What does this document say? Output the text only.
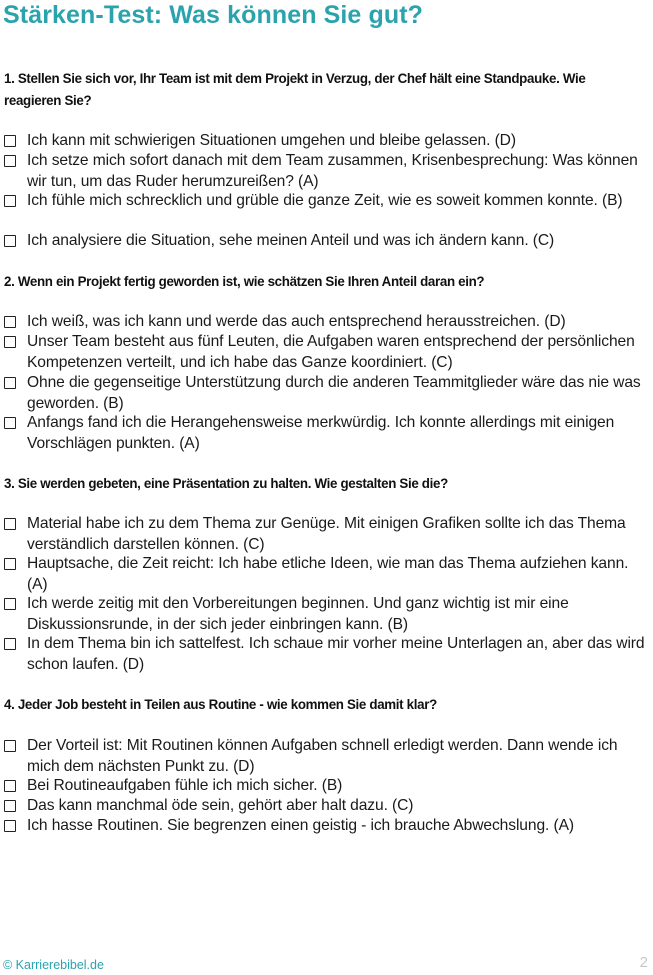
Stärken-Test: Was können Sie gut?

1. Stellen Sie sich vor, Ihr Team ist mit dem Projekt in Verzug, der Chef hält eine Standpauke. Wie reagieren Sie?

Ich kann mit schwierigen Situationen umgehen und bleibe gelassen. (D)
Ich setze mich sofort danach mit dem Team zusammen, Krisenbesprechung: Was können wir tun, um das Ruder herumzureißen? (A)
Ich fühle mich schrecklich und grüble die ganze Zeit, wie es soweit kommen konnte. (B)
Ich analysiere die Situation, sehe meinen Anteil und was ich ändern kann. (C)

2. Wenn ein Projekt fertig geworden ist, wie schätzen Sie Ihren Anteil daran ein?

Ich weiß, was ich kann und werde das auch entsprechend herausstreichen. (D)
Unser Team besteht aus fünf Leuten, die Aufgaben waren entsprechend der persönlichen Kompetenzen verteilt, und ich habe das Ganze koordiniert. (C)
Ohne die gegenseitige Unterstützung durch die anderen Teammitglieder wäre das nie was geworden. (B)
Anfangs fand ich die Herangehensweise merkwürdig. Ich konnte allerdings mit einigen Vorschlägen punkten. (A)

3. Sie werden gebeten, eine Präsentation zu halten. Wie gestalten Sie die?

Material habe ich zu dem Thema zur Genüge. Mit einigen Grafiken sollte ich das Thema verständlich darstellen können. (C)
Hauptsache, die Zeit reicht: Ich habe etliche Ideen, wie man das Thema aufziehen kann. (A)
Ich werde zeitig mit den Vorbereitungen beginnen. Und ganz wichtig ist mir eine Diskussionsrunde, in der sich jeder einbringen kann. (B)
In dem Thema bin ich sattelfest. Ich schaue mir vorher meine Unterlagen an, aber das wird schon laufen. (D)

4. Jeder Job besteht in Teilen aus Routine - wie kommen Sie damit klar?

Der Vorteil ist: Mit Routinen können Aufgaben schnell erledigt werden. Dann wende ich mich dem nächsten Punkt zu. (D)
Bei Routineaufgaben fühle ich mich sicher. (B)
Das kann manchmal öde sein, gehört aber halt dazu. (C)
Ich hasse Routinen. Sie begrenzen einen geistig - ich brauche Abwechslung. (A)
© Karrierebibel.de	2
